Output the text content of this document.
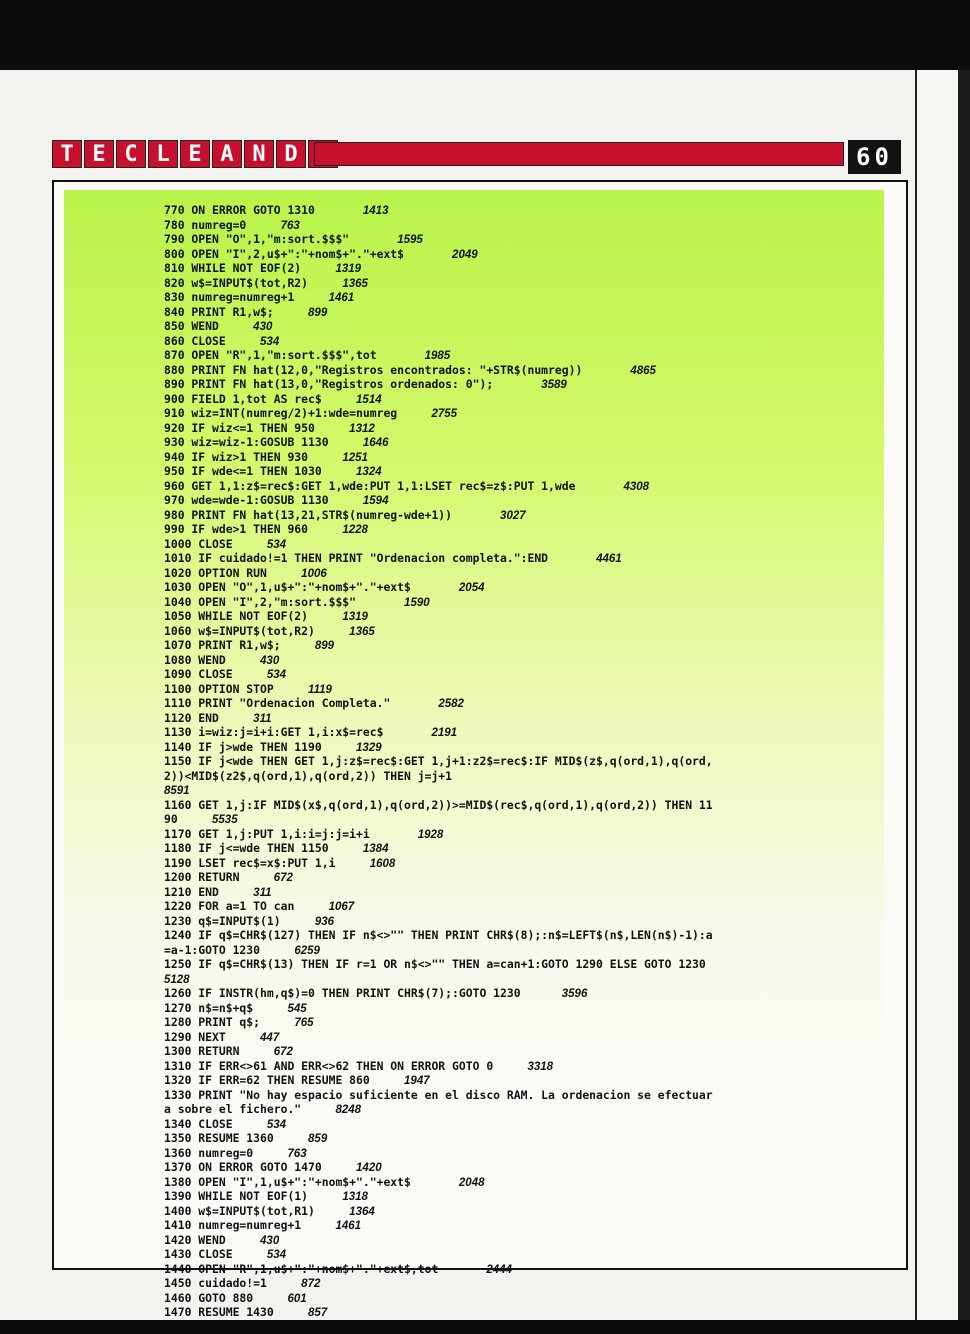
T E C L E A N D	60
770 ON ERROR GOTO 1310	1413
780 numreg=0	763
790 OPEN "O",1,"m:sort.$$$"	1595
800 OPEN "I",2,u$+":"+nom$+"."+ext$	2049
810 WHILE NOT EOF(2)	1319
820 w$=INPUT$(tot,R2)	1365
830 numreg=numreg+1	1461
840 PRINT R1,w$;	899
850 WEND	430
860 CLOSE	534
870 OPEN "R",1,"m:sort.$$$",tot	1985
880 PRINT FN hat(12,0,"Registros encontrados: "+STR$(numreg))	4865
890 PRINT FN hat(13,0,"Registros ordenados: 0");	3589
900 FIELD 1,tot AS rec$	1514
910 wiz=INT(numreg/2)+1:wde=numreg	2755
920 IF wiz<=1 THEN 950	1312
930 wiz=wiz-1:GOSUB 1130	1646
940 IF wiz>1 THEN 930	1251
950 IF wde<=1 THEN 1030	1324
960 GET 1,1:z$=rec$:GET 1,wde:PUT 1,1:LSET rec$=z$:PUT 1,wde	4308
970 wde=wde-1:GOSUB 1130	1594
980 PRINT FN hat(13,21,STR$(numreg-wde+1))	3027
990 IF wde>1 THEN 960	1228
1000 CLOSE	534
1010 IF cuidado!=1 THEN PRINT "Ordenacion completa.":END	4461
1020 OPTION RUN	1006
1030 OPEN "O",1,u$+":"+nom$+"."+ext$	2054
1040 OPEN "I",2,"m:sort.$$$"	1590
1050 WHILE NOT EOF(2)	1319
1060 w$=INPUT$(tot,R2)	1365
1070 PRINT R1,w$;	899
1080 WEND	430
1090 CLOSE	534
1100 OPTION STOP	1119
1110 PRINT "Ordenacion Completa."	2582
1120 END	311
1130 i=wiz:j=i+i:GET 1,i:x$=rec$	2191
1140 IF j>wde THEN 1190	1329
1150 IF j<wde THEN GET 1,j:z$=rec$:GET 1,j+1:z2$=rec$:IF MID$(z$,q(ord,1),q(ord,
2))<MID$(z2$,q(ord,1),q(ord,2)) THEN j=j+1
8591
1160 GET 1,j:IF MID$(x$,q(ord,1),q(ord,2))>=MID$(rec$,q(ord,1),q(ord,2)) THEN 11
90	5535
1170 GET 1,j:PUT 1,i:i=j:j=i+i	1928
1180 IF j<=wde THEN 1150	1384
1190 LSET rec$=x$:PUT 1,i	1608
1200 RETURN	672
1210 END	311
1220 FOR a=1 TO can	1067
1230 q$=INPUT$(1)	936
1240 IF q$=CHR$(127) THEN IF n$<>"" THEN PRINT CHR$(8);:n$=LEFT$(n$,LEN(n$)-1):a
=a-1:GOTO 1230	6259
1250 IF q$=CHR$(13) THEN IF r=1 OR n$<>"" THEN a=can+1:GOTO 1290 ELSE GOTO 1230
5128
1260 IF INSTR(hm,q$)=0 THEN PRINT CHR$(7);:GOTO 1230	3596
1270 n$=n$+q$	545
1280 PRINT q$;	765
1290 NEXT	447
1300 RETURN	672
1310 IF ERR<>61 AND ERR<>62 THEN ON ERROR GOTO 0	3318
1320 IF ERR=62 THEN RESUME 860	1947
1330 PRINT "No hay espacio suficiente en el disco RAM. La ordenacion se efectuar
a sobre el fichero."	8248
1340 CLOSE	534
1350 RESUME 1360	859
1360 numreg=0	763
1370 ON ERROR GOTO 1470	1420
1380 OPEN "I",1,u$+":"+nom$+"."+ext$	2048
1390 WHILE NOT EOF(1)	1318
1400 w$=INPUT$(tot,R1)	1364
1410 numreg=numreg+1	1461
1420 WEND	430
1430 CLOSE	534
1440 OPEN "R",1,u$+":"+nom$+"."+ext$,tot	2444
1450 cuidado!=1	872
1460 GOTO 880	601
1470 RESUME 1430	857
